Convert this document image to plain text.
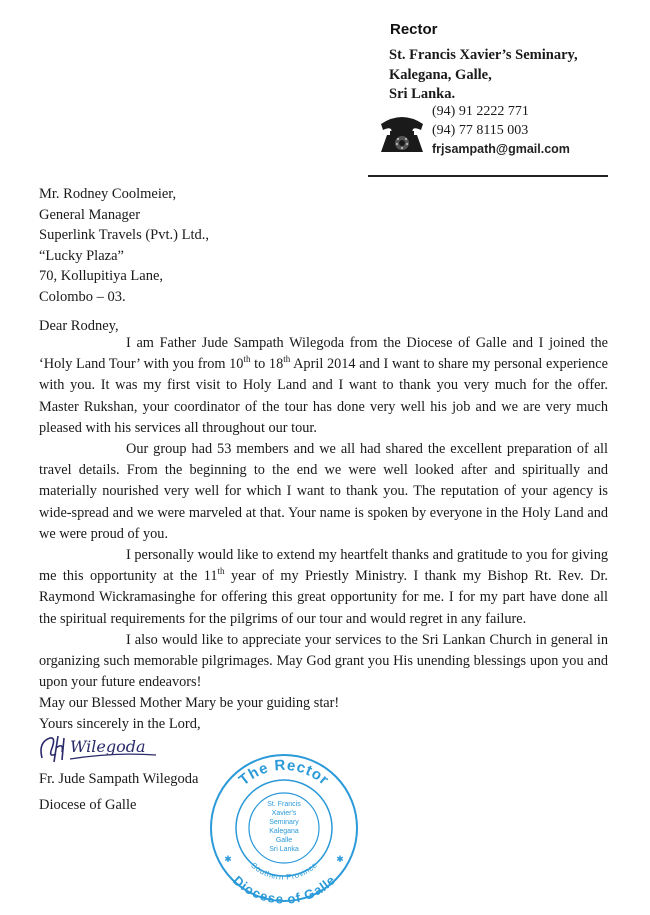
Rector
St. Francis Xavier’s Seminary,
Kalegana, Galle,
Sri Lanka.
(94) 91 2222 771
(94) 77 8115 003
frjsampath@gmail.com
Mr. Rodney Coolmeier,
General Manager
Superlink Travels (Pvt.) Ltd.,
“Lucky Plaza”
70, Kollupitiya Lane,
Colombo – 03.
Dear Rodney,

I am Father Jude Sampath Wilegoda from the Diocese of Galle and I joined the ‘Holy Land Tour’ with you from 10th to 18th April 2014 and I want to share my personal experience with you. It was my first visit to Holy Land and I want to thank you very much for the offer. Master Rukshan, your coordinator of the tour has done very well his job and we are very much pleased with his services all throughout our tour.

Our group had 53 members and we all had shared the excellent preparation of all travel details. From the beginning to the end we were well looked after and spiritually and materially nourished very well for which I want to thank you. The reputation of your agency is wide-spread and we were marveled at that. Your name is spoken by everyone in the Holy Land and we were proud of you.

I personally would like to extend my heartfelt thanks and gratitude to you for giving me this opportunity at the 11th year of my Priestly Ministry. I thank my Bishop Rt. Rev. Dr. Raymond Wickramasinghe for offering this great opportunity for me. I for my part have done all the spiritual requirements for the pilgrims of our tour and would regret in any failure.

I also would like to appreciate your services to the Sri Lankan Church in general in organizing such memorable pilgrimages. May God grant you His unending blessings upon you and upon your future endeavors!

May our Blessed Mother Mary be your guiding star!

Yours sincerely in the Lord,
Wilegoda
Fr. Jude Sampath Wilegoda
Diocese of Galle
The Rector
Diocese of Galle
Southern Province
St. Francis
Xavier's
Seminary
Kalegana
Galle
Sri Lanka
✱	✱
